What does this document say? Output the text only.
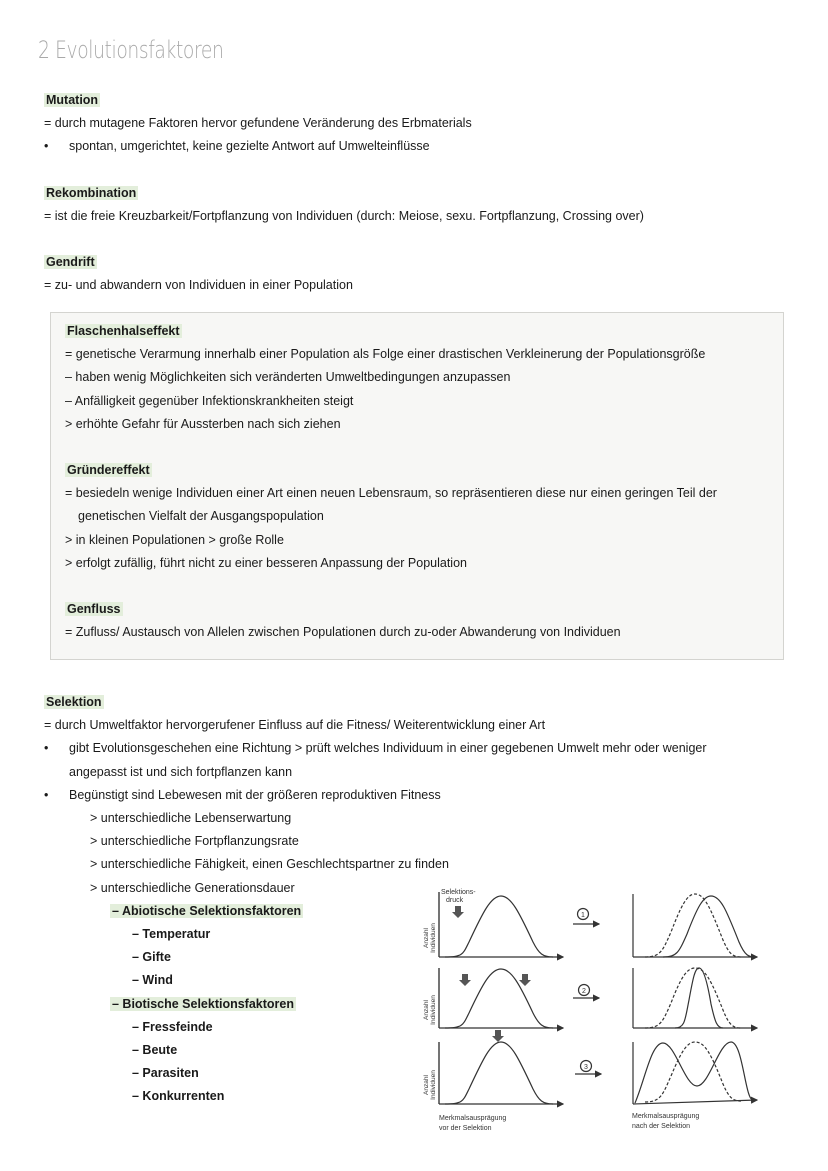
2 Evolutionsfaktoren
Mutation
= durch mutagene Faktoren hervor gefundene Veränderung des Erbmaterials
• spontan, umgerichtet, keine gezielte Antwort auf Umwelteinflüsse
Rekombination
= ist die freie Kreuzbarkeit/Fortpflanzung von Individuen (durch: Meiose, sexu. Fortpflanzung, Crossing over)
Gendrift
= zu- und abwandern von Individuen in einer Population
Flaschenhalseffekt
= genetische Verarmung innerhalb einer Population als Folge einer drastischen Verkleinerung der Populationsgröße
– haben wenig Möglichkeiten sich veränderten Umweltbedingungen anzupassen
– Anfälligkeit gegenüber Infektionskrankheiten steigt
> erhöhte Gefahr für Aussterben nach sich ziehen
Gründereffekt
= besiedeln wenige Individuen einer Art einen neuen Lebensraum, so repräsentieren diese nur einen geringen Teil der
genetischen Vielfalt der Ausgangspopulation
> in kleinen Populationen > große Rolle
> erfolgt zufällig, führt nicht zu einer besseren Anpassung der Population
Genfluss
= Zufluss/ Austausch von Allelen zwischen Populationen durch zu-oder Abwanderung von Individuen
Selektion
= durch Umweltfaktor hervorgerufener Einfluss auf die Fitness/ Weiterentwicklung einer Art
• gibt Evolutionsgeschehen eine Richtung > prüft welches Individuum in einer gegebenen Umwelt mehr oder weniger
angepasst ist und sich fortpflanzen kann
• Begünstigt sind Lebewesen mit der größeren reproduktiven Fitness
> unterschiedliche Lebenserwartung
> unterschiedliche Fortpflanzungsrate
> unterschiedliche Fähigkeit, einen Geschlechtspartner zu finden
> unterschiedliche Generationsdauer
– Abiotische Selektionsfaktoren
– Temperatur
– Gifte
– Wind
– Biotische Selektionsfaktoren
– Fressfeinde
– Beute
– Parasiten
– Konkurrenten
Selektions-
druck
AnzahlIndividuen
AnzahlIndividuen
AnzahlIndividuen
1
2
3
Merkmalsausprägung
vor der Selektion
Merkmalsausprägung
nach der Selektion
